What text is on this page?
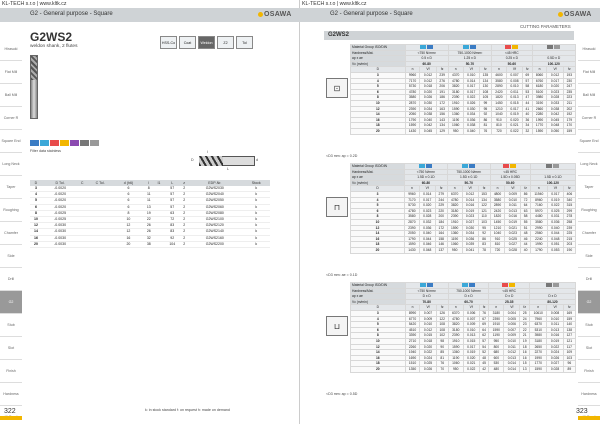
KL-TECH s.r.o | www.kltk.cz
G2 - General purpose - Square	OSAWA
Hirasuki
Flat Mill
Ball Mill
Corner R
Square End
Long Neck
Taper
Roughing
Chamfer
Side
Drill
G2
Stub
Slot
Finish
Hardness
G2WS2
weldon shank, 2 flutes
HSS-Co	Coat	Weldon	Z2	Tol
Filter data stainless	l
L
D	d
D	D Tol.	C	C Tol.	d (h6)	l	l1	L	z	EDP-Nr.	Stock
3	-0.0020			6	8		57	2	G2WS2030	k
4	-0.0020			6	11		57	2	G2WS2040	k
5	-0.0020			6	11		57	2	G2WS2050	k
6	-0.0020			6	13		57	2	G2WS2060	k
8	-0.0025			8	19		63	2	G2WS2080	k
10	-0.0025			10	22		72	2	G2WS2100	k
12	-0.0030			12	26		83	2	G2WS2120	k
14	-0.0030			12	26		83	2	G2WS2140	k
16	-0.0030			16	32		92	2	G2WS2160	k
20	-0.0030			20	38		104	2	G2WS2200	k
k: in stock standard f: on request h: made on demand
322
KL-TECH s.r.o | www.kltk.cz
G2 - General purpose - Square	OSAWA
Hirasuki
Flat Mill
Ball Mill
Corner R
Square End
Long Neck
Taper
Roughing
Chamfer
Side
Drill
G2
Stub
Slot
Finish
Hardness
323
CUTTING PARAMETERS
G2WS2
⊡
Material Group ISO/DIN												
Hardness/Mat.	<750 N/mm²			750-1000 N/mm²			<45 HRC					
ap x ae	0.5 x D			1.25 x D			0.25 x D			0.5D x D		
Vc (m/min)	60-80			50-70			50-60			100-120		
D	n	Vf	fz	n	Vf	fz	n	Vf	fz	n	Vf	fz
3	9960	0.012	239	4370	0.010	135	4600	0.007	69	8060	0.012	193
4	7170	0.012	276	4780	0.014	134	3580	0.008	57	6760	0.017	230
5	5730	0.018	206	3820	0.017	130	2890	0.010	58	6180	0.020	247
6	4780	0.020	191	3180	0.017	108	2420	0.011	53	5100	0.023	235
8	3580	0.026	186	2390	0.022	105	1820	0.013	47	3980	0.028	223
10	2870	0.030	172	1910	0.026	99	1450	0.015	44	3190	0.033	211
12	2390	0.034	163	1590	0.030	95	1210	0.017	41	2660	0.038	202
14	2050	0.038	156	1360	0.034	92	1040	0.019	40	2280	0.042	192
16	1790	0.040	143	1190	0.036	86	910	0.020	36	1990	0.045	179
18	1590	0.042	134	1060	0.038	81	810	0.021	34	1770	0.048	170
20	1430	0.045	129	950	0.040	76	720	0.022	32	1590	0.050	159
<D3 mm: ap = 0.2D
⊓
Material Group ISO/DIN												
Hardness/Mat.	<750 N/mm²			750-1000 N/mm²			<45 HRC					
ap x ae	1.5D x 0.1D			1.5D x 0.1D			1.5D x 0.05D			1.5D x 0.1D		
Vc (m/min)	60-80			50-70			50-60			100-120		
D	n	Vf	fz	n	Vf	fz	n	Vf	fz	n	Vf	fz
3	9960	0.014	279	6370	0.012	153	4800	0.009	86	11940	0.017	406
4	7170	0.017	244	4780	0.014	134	3580	0.010	72	8960	0.019	340
5	5730	0.020	229	3820	0.016	122	2890	0.011	64	7160	0.022	315
6	4780	0.023	220	3180	0.019	121	2420	0.013	63	5970	0.025	299
8	3580	0.028	200	2390	0.023	110	1820	0.016	58	4480	0.031	278
10	2870	0.032	184	1910	0.027	103	1450	0.019	55	3580	0.036	258
12	2390	0.036	172	1590	0.030	95	1210	0.021	51	2990	0.040	239
14	2050	0.040	164	1360	0.034	92	1040	0.023	48	2560	0.044	225
16	1790	0.044	158	1190	0.036	86	910	0.025	46	2240	0.048	215
18	1590	0.046	146	1060	0.039	83	810	0.027	44	1990	0.051	203
20	1430	0.048	137	950	0.041	78	720	0.028	40	1790	0.053	190
<D3 mm: ae = 0.1D
⊔
Material Group ISO/DIN												
Hardness/Mat.	<750 N/mm²			750-1000 N/mm²			<45 HRC					
ap x ae	D x D			D x D			D x D			D x D		
Vc (m/min)	70-80			60-70			25-35			80-120		
D	n	Vf	fz	n	Vf	fz	n	Vf	fz	n	Vf	fz
3	8990	0.007	126	6370	0.006	76	3180	0.004	25	10610	0.008	169
4	6770	0.009	122	4780	0.007	67	2390	0.005	24	7960	0.010	159
5	5420	0.010	108	3820	0.009	69	1910	0.006	23	6370	0.011	140
6	4510	0.012	108	3180	0.010	64	1590	0.007	22	5310	0.013	138
8	3390	0.015	102	2390	0.013	62	1190	0.009	21	3980	0.016	127
10	2710	0.018	98	1910	0.015	57	950	0.010	19	3180	0.019	121
12	2260	0.020	90	1590	0.017	54	800	0.011	18	2650	0.022	117
14	1940	0.022	85	1360	0.019	52	680	0.012	16	2270	0.024	109
16	1690	0.024	81	1190	0.020	48	600	0.013	16	1990	0.026	103
18	1510	0.025	76	1060	0.021	45	530	0.014	15	1770	0.027	96
20	1350	0.026	70	950	0.022	42	480	0.014	13	1590	0.028	89
<D3 mm: ap = 0.5D
